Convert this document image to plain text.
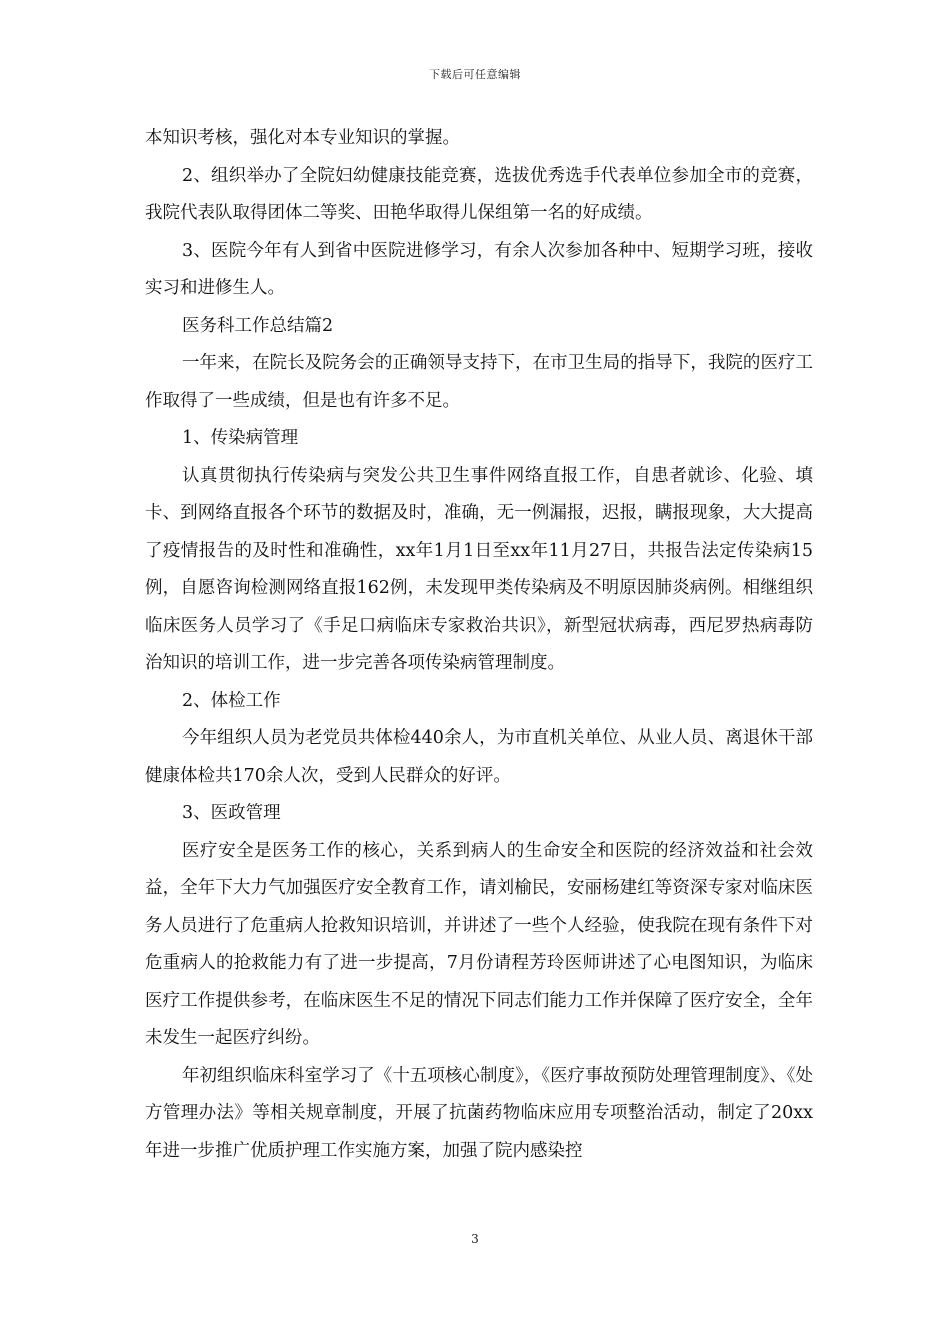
下载后可任意编辑

本知识考核，强化对本专业知识的掌握。

2、组织举办了全院妇幼健康技能竞赛，选拔优秀选手代表单位参加全市的竞赛，我院代表队取得团体二等奖、田艳华取得儿保组第一名的好成绩。

3、医院今年有人到省中医院进修学习，有余人次参加各种中、短期学习班，接收实习和进修生人。

医务科工作总结篇2

一年来，在院长及院务会的正确领导支持下，在市卫生局的指导下，我院的医疗工作取得了一些成绩，但是也有许多不足。

1、传染病管理

认真贯彻执行传染病与突发公共卫生事件网络直报工作，自患者就诊、化验、填卡、到网络直报各个环节的数据及时，准确，无一例漏报，迟报，瞒报现象，大大提高了疫情报告的及时性和准确性，xx年1月1日至xx年11月27日，共报告法定传染病15例，自愿咨询检测网络直报162例，未发现甲类传染病及不明原因肺炎病例。相继组织临床医务人员学习了《手足口病临床专家救治共识》，新型冠状病毒，西尼罗热病毒防治知识的培训工作，进一步完善各项传染病管理制度。

2、体检工作

今年组织人员为老党员共体检440余人，为市直机关单位、从业人员、离退休干部健康体检共170余人次，受到人民群众的好评。

3、医政管理

医疗安全是医务工作的核心，关系到病人的生命安全和医院的经济效益和社会效益，全年下大力气加强医疗安全教育工作，请刘榆民，安丽杨建红等资深专家对临床医务人员进行了危重病人抢救知识培训，并讲述了一些个人经验，使我院在现有条件下对危重病人的抢救能力有了进一步提高，7月份请程芳玲医师讲述了心电图知识，为临床医疗工作提供参考，在临床医生不足的情况下同志们能力工作并保障了医疗安全，全年未发生一起医疗纠纷。

年初组织临床科室学习了《十五项核心制度》，《医疗事故预防处理管理制度》、《处方管理办法》等相关规章制度，开展了抗菌药物临床应用专项整治活动，制定了20xx年进一步推广优质护理工作实施方案，加强了院内感染控

3
